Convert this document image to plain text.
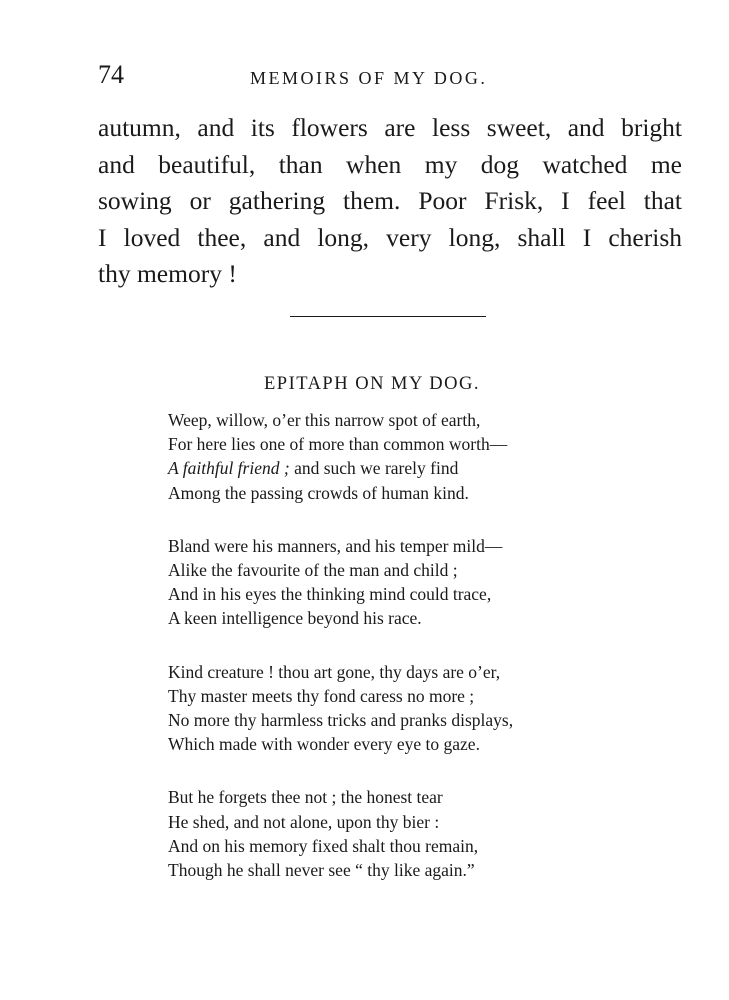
74	MEMOIRS OF MY DOG.

autumn, and its flowers are less sweet, and bright
and beautiful, than when my dog watched me
sowing or gathering them. Poor Frisk, I feel that
I loved thee, and long, very long, shall I cherish
thy memory !

EPITAPH ON MY DOG.
Weep, willow, o’er this narrow spot of earth,
For here lies one of more than common worth—
A faithful friend ; and such we rarely find
Among the passing crowds of human kind.
Bland were his manners, and his temper mild—
Alike the favourite of the man and child ;
And in his eyes the thinking mind could trace,
A keen intelligence beyond his race.
Kind creature ! thou art gone, thy days are o’er,
Thy master meets thy fond caress no more ;
No more thy harmless tricks and pranks displays,
Which made with wonder every eye to gaze.
But he forgets thee not ; the honest tear
He shed, and not alone, upon thy bier :
And on his memory fixed shalt thou remain,
Though he shall never see “ thy like again.”
